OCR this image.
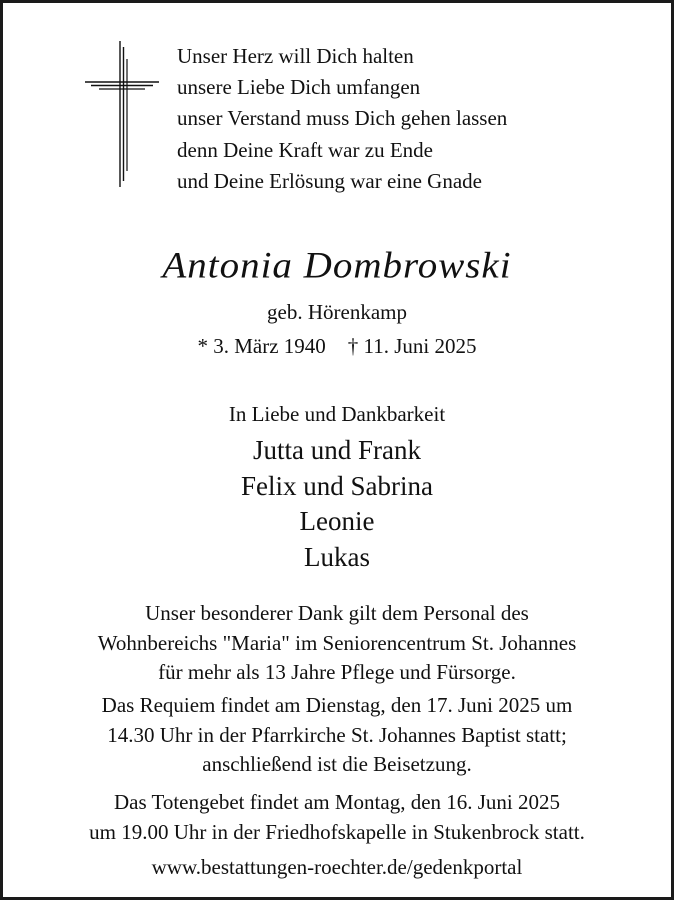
Unser Herz will Dich halten
unsere Liebe Dich umfangen
unser Verstand muss Dich gehen lassen
denn Deine Kraft war zu Ende
und Deine Erlösung war eine Gnade
Antonia Dombrowski
geb. Hörenkamp
* 3. März 1940 † 11. Juni 2025
In Liebe und Dankbarkeit
Jutta und Frank
Felix und Sabrina
Leonie
Lukas
Unser besonderer Dank gilt dem Personal des
Wohnbereichs "Maria" im Seniorencentrum St. Johannes
für mehr als 13 Jahre Pflege und Fürsorge.
Das Requiem findet am Dienstag, den 17. Juni 2025 um
14.30 Uhr in der Pfarrkirche St. Johannes Baptist statt;
anschließend ist die Beisetzung.
Das Totengebet findet am Montag, den 16. Juni 2025
um 19.00 Uhr in der Friedhofskapelle in Stukenbrock statt.
www.bestattungen-roechter.de/gedenkportal
